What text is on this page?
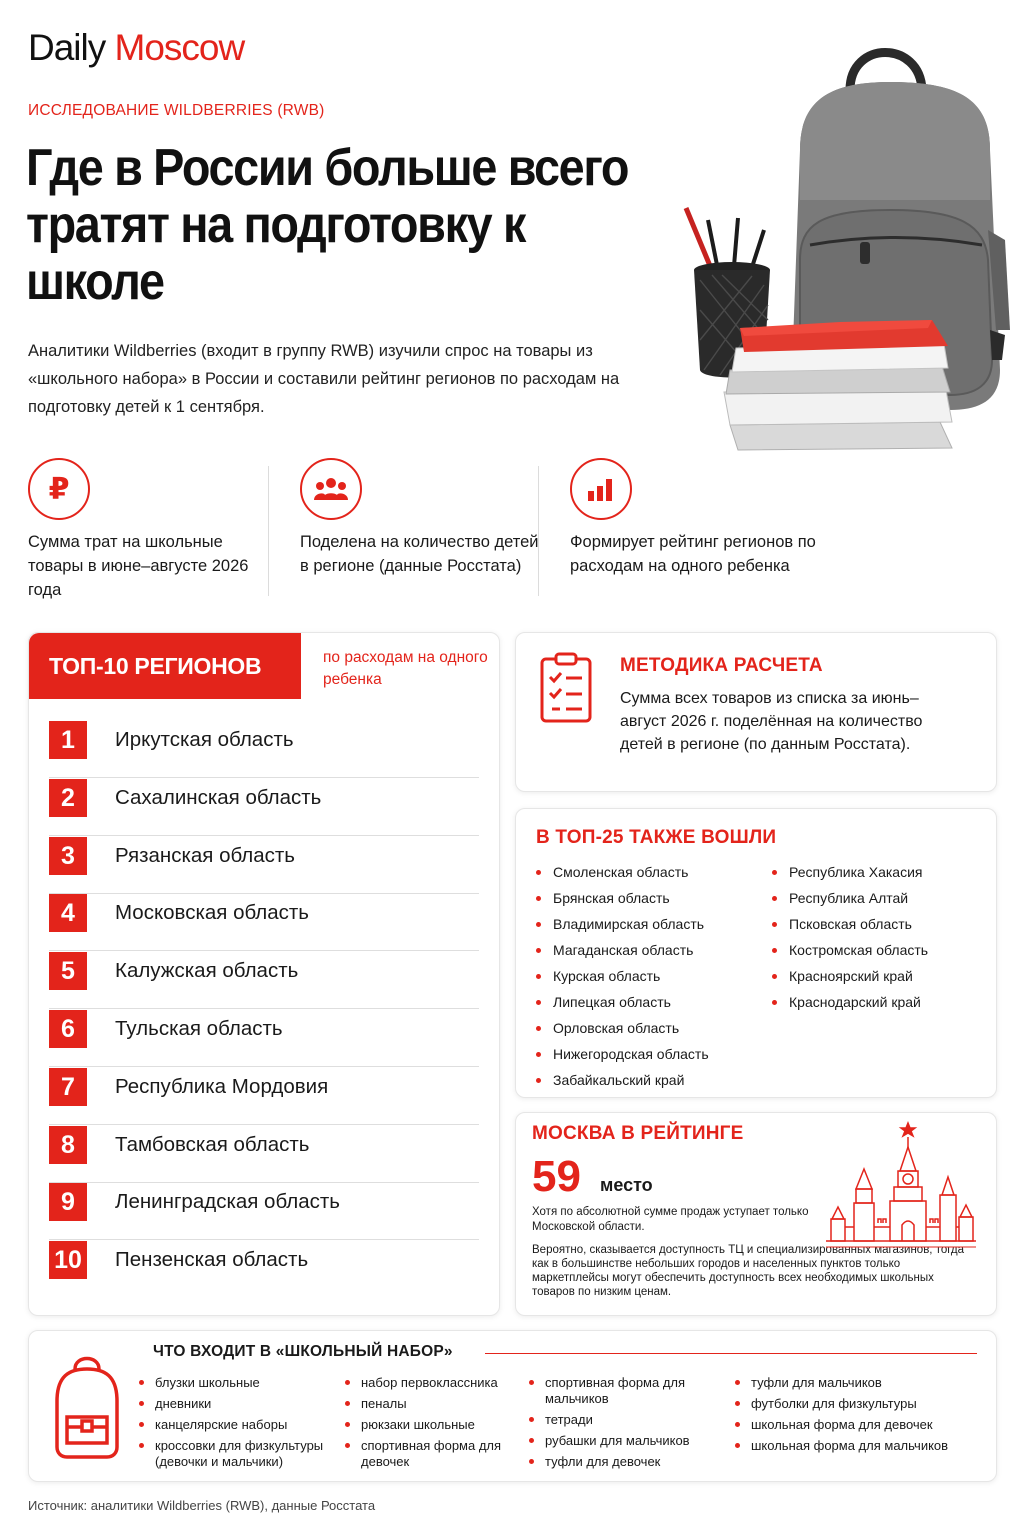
Daily Moscow
ИССЛЕДОВАНИЕ WILDBERRIES (RWB)
Где в России больше всего тратят на подготовку к школе
Аналитики Wildberries (входит в группу RWB) изучили спрос на товары из «школьного набора» в России и составили рейтинг регионов по расходам на подготовку детей к 1 сентября.
₽
Сумма трат на школьные товары в июне–августе 2026 года
Поделена на количество детей в регионе (данные Росстата)
Формирует рейтинг регионов по расходам на одного ребенка
ТОП-10 РЕГИОНОВ	по расходам на одного ребенка
1	Иркутская область
2	Сахалинская область
3	Рязанская область
4	Московская область
5	Калужская область
6	Тульская область
7	Республика Мордовия
8	Тамбовская область
9	Ленинградская область
10 Пензенская область
МЕТОДИКА РАСЧЕТА
Сумма всех товаров из списка за июнь–август 2026 г. поделённая на количество детей в регионе (по данным Росстата).
В ТОП-25 ТАКЖЕ ВОШЛИ
Смоленская область
Брянская область
Владимирская область
Магаданская область
Курская область
Липецкая область
Орловская область
Нижегородская область
Забайкальский край
Республика Хакасия
Республика Алтай
Псковская область
Костромская область
Красноярский край
Краснодарский край
МОСКВА В РЕЙТИНГЕ
59 место
Хотя по абсолютной сумме продаж уступает только Московской области.
Вероятно, сказывается доступность ТЦ и специализированных магазинов, тогда как в большинстве небольших городов и населенных пунктов только маркетплейсы могут обеспечить доступность всех необходимых школьных товаров по низким ценам.
ЧТО ВХОДИТ В «ШКОЛЬНЫЙ НАБОР»
блузки школьные
дневники
канцелярские наборы
кроссовки для физкультуры (девочки и мальчики)
набор первоклассника
пеналы
рюкзаки школьные
спортивная форма для девочек
спортивная форма для мальчиков
тетради
рубашки для мальчиков
туфли для девочек
туфли для мальчиков
футболки для физкультуры
школьная форма для девочек
школьная форма для мальчиков
Источник: аналитики Wildberries (RWB), данные Росстата
